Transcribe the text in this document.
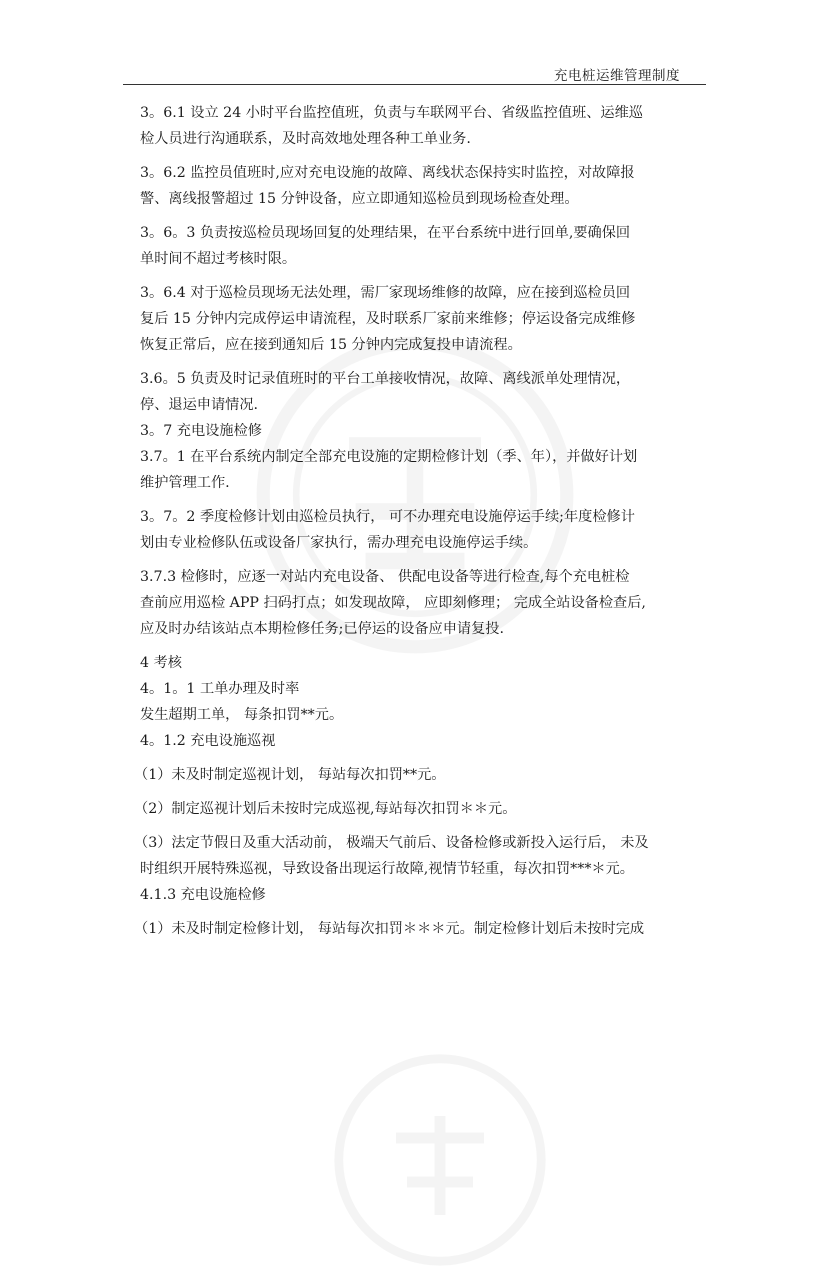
充电桩运维管理制度
3。6.1 设立 24 小时平台监控值班，负责与车联网平台、省级监控值班、运维巡
检人员进行沟通联系，及时高效地处理各种工单业务.
3。6.2 监控员值班时,应对充电设施的故障、离线状态保持实时监控，对故障报
警、离线报警超过 15 分钟设备，应立即通知巡检员到现场检查处理。
3。6。3 负责按巡检员现场回复的处理结果，在平台系统中进行回单,要确保回
单时间不超过考核时限。
3。6.4 对于巡检员现场无法处理，需厂家现场维修的故障，应在接到巡检员回
复后 15 分钟内完成停运申请流程，及时联系厂家前来维修；停运设备完成维修
恢复正常后，应在接到通知后 15 分钟内完成复投申请流程。
3.6。5 负责及时记录值班时的平台工单接收情况，故障、离线派单处理情况，
停、退运申请情况.
3。7 充电设施检修
3.7。1 在平台系统内制定全部充电设施的定期检修计划（季、年），并做好计划
维护管理工作.
3。7。2 季度检修计划由巡检员执行， 可不办理充电设施停运手续;年度检修计
划由专业检修队伍或设备厂家执行，需办理充电设施停运手续。
3.7.3 检修时，应逐一对站内充电设备、 供配电设备等进行检查,每个充电桩检
查前应用巡检 APP 扫码打点；如发现故障， 应即刻修理； 完成全站设备检查后,
应及时办结该站点本期检修任务;已停运的设备应申请复投.
4 考核
4。1。1 工单办理及时率
发生超期工单， 每条扣罚**元。
4。1.2 充电设施巡视
（1）未及时制定巡视计划， 每站每次扣罚**元。
（2）制定巡视计划后未按时完成巡视,每站每次扣罚＊＊元。
（3）法定节假日及重大活动前， 极端天气前后、设备检修或新投入运行后， 未及
时组织开展特殊巡视，导致设备出现运行故障,视情节轻重，每次扣罚***＊元。
4.1.3 充电设施检修
（1）未及时制定检修计划， 每站每次扣罚＊＊＊元。制定检修计划后未按时完成
